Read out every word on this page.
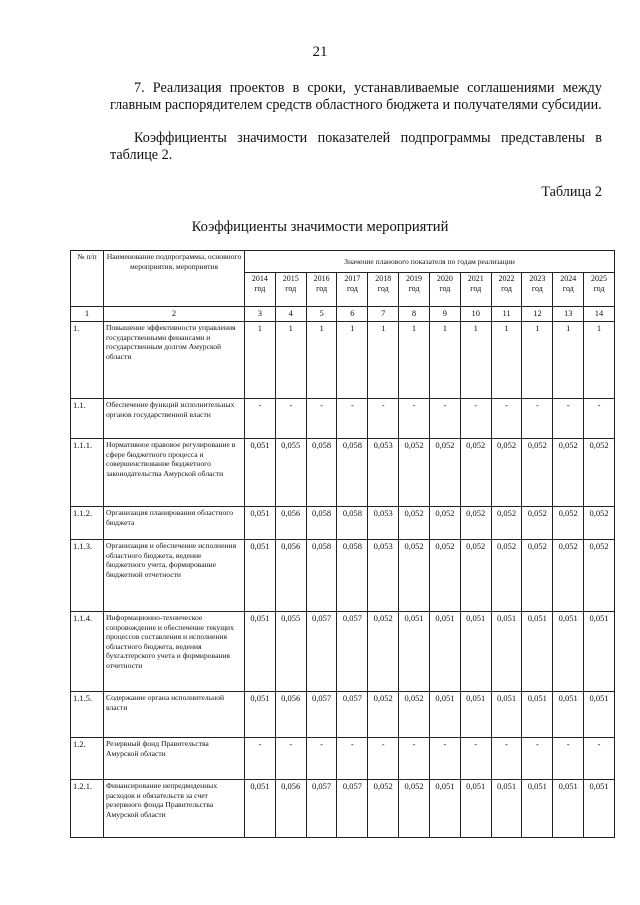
21
7. Реализация проектов в сроки, устанавливаемые соглашениями между главным распорядителем средств областного бюджета и получателями субсидии.
Коэффициенты значимости показателей подпрограммы представлены в таблице 2.
Таблица 2
Коэффициенты значимости мероприятий
№ п/п	Наименование подпрограммы, основного мероприятия, мероприятия	Значение планового показателя по годам реализации											
		2014 год	2015 год	2016 год	2017 год	2018 год	2019 год	2020 год	2021 год	2022 год	2023 год	2024 год	2025 год
1	2	3	4	5	6	7	8	9	10	11	12	13	14
1.	Повышение эффективности управления государственными финансами и государственным долгом Амурской области	1	1	1	1	1	1	1	1	1	1	1	1
1.1.	Обеспечение функций исполнительных органов государственной власти	-	-	-	-	-	-	-	-	-	-	-	-
1.1.1.	Нормативное правовое регулирование в сфере бюджетного процесса и совершенствование бюджетного законодательства Амурской области	0,051	0,055	0,058	0,058	0,053	0,052	0,052	0,052	0,052	0,052	0,052	0,052
1.1.2.	Организация планирования областного бюджета	0,051	0,056	0,058	0,058	0,053	0,052	0,052	0,052	0,052	0,052	0,052	0,052
1.1.3.	Организация и обеспечение исполнения областного бюджета, ведение бюджетного учета, формирование бюджетной отчетности	0,051	0,056	0,058	0,058	0,053	0,052	0,052	0,052	0,052	0,052	0,052	0,052
1.1.4.	Информационно-техническое сопровождение и обеспечение текущих процессов составления и исполнения областного бюджета, ведения бухгалтерского учета и формирования отчетности	0,051	0,055	0,057	0,057	0,052	0,051	0,051	0,051	0,051	0,051	0,051	0,051
1.1.5.	Содержание органа исполнительной власти	0,051	0,056	0,057	0,057	0,052	0,052	0,051	0,051	0,051	0,051	0,051	0,051
1.2.	Резервный фонд Правительства Амурской области	-	-	-	-	-	-	-	-	-	-	-	-
1.2.1.	Финансирование непредвиденных расходов и обязательств за счет резервного фонда Правительства Амурской области	0,051	0,056	0,057	0,057	0,052	0,052	0,051	0,051	0,051	0,051	0,051	0,051
